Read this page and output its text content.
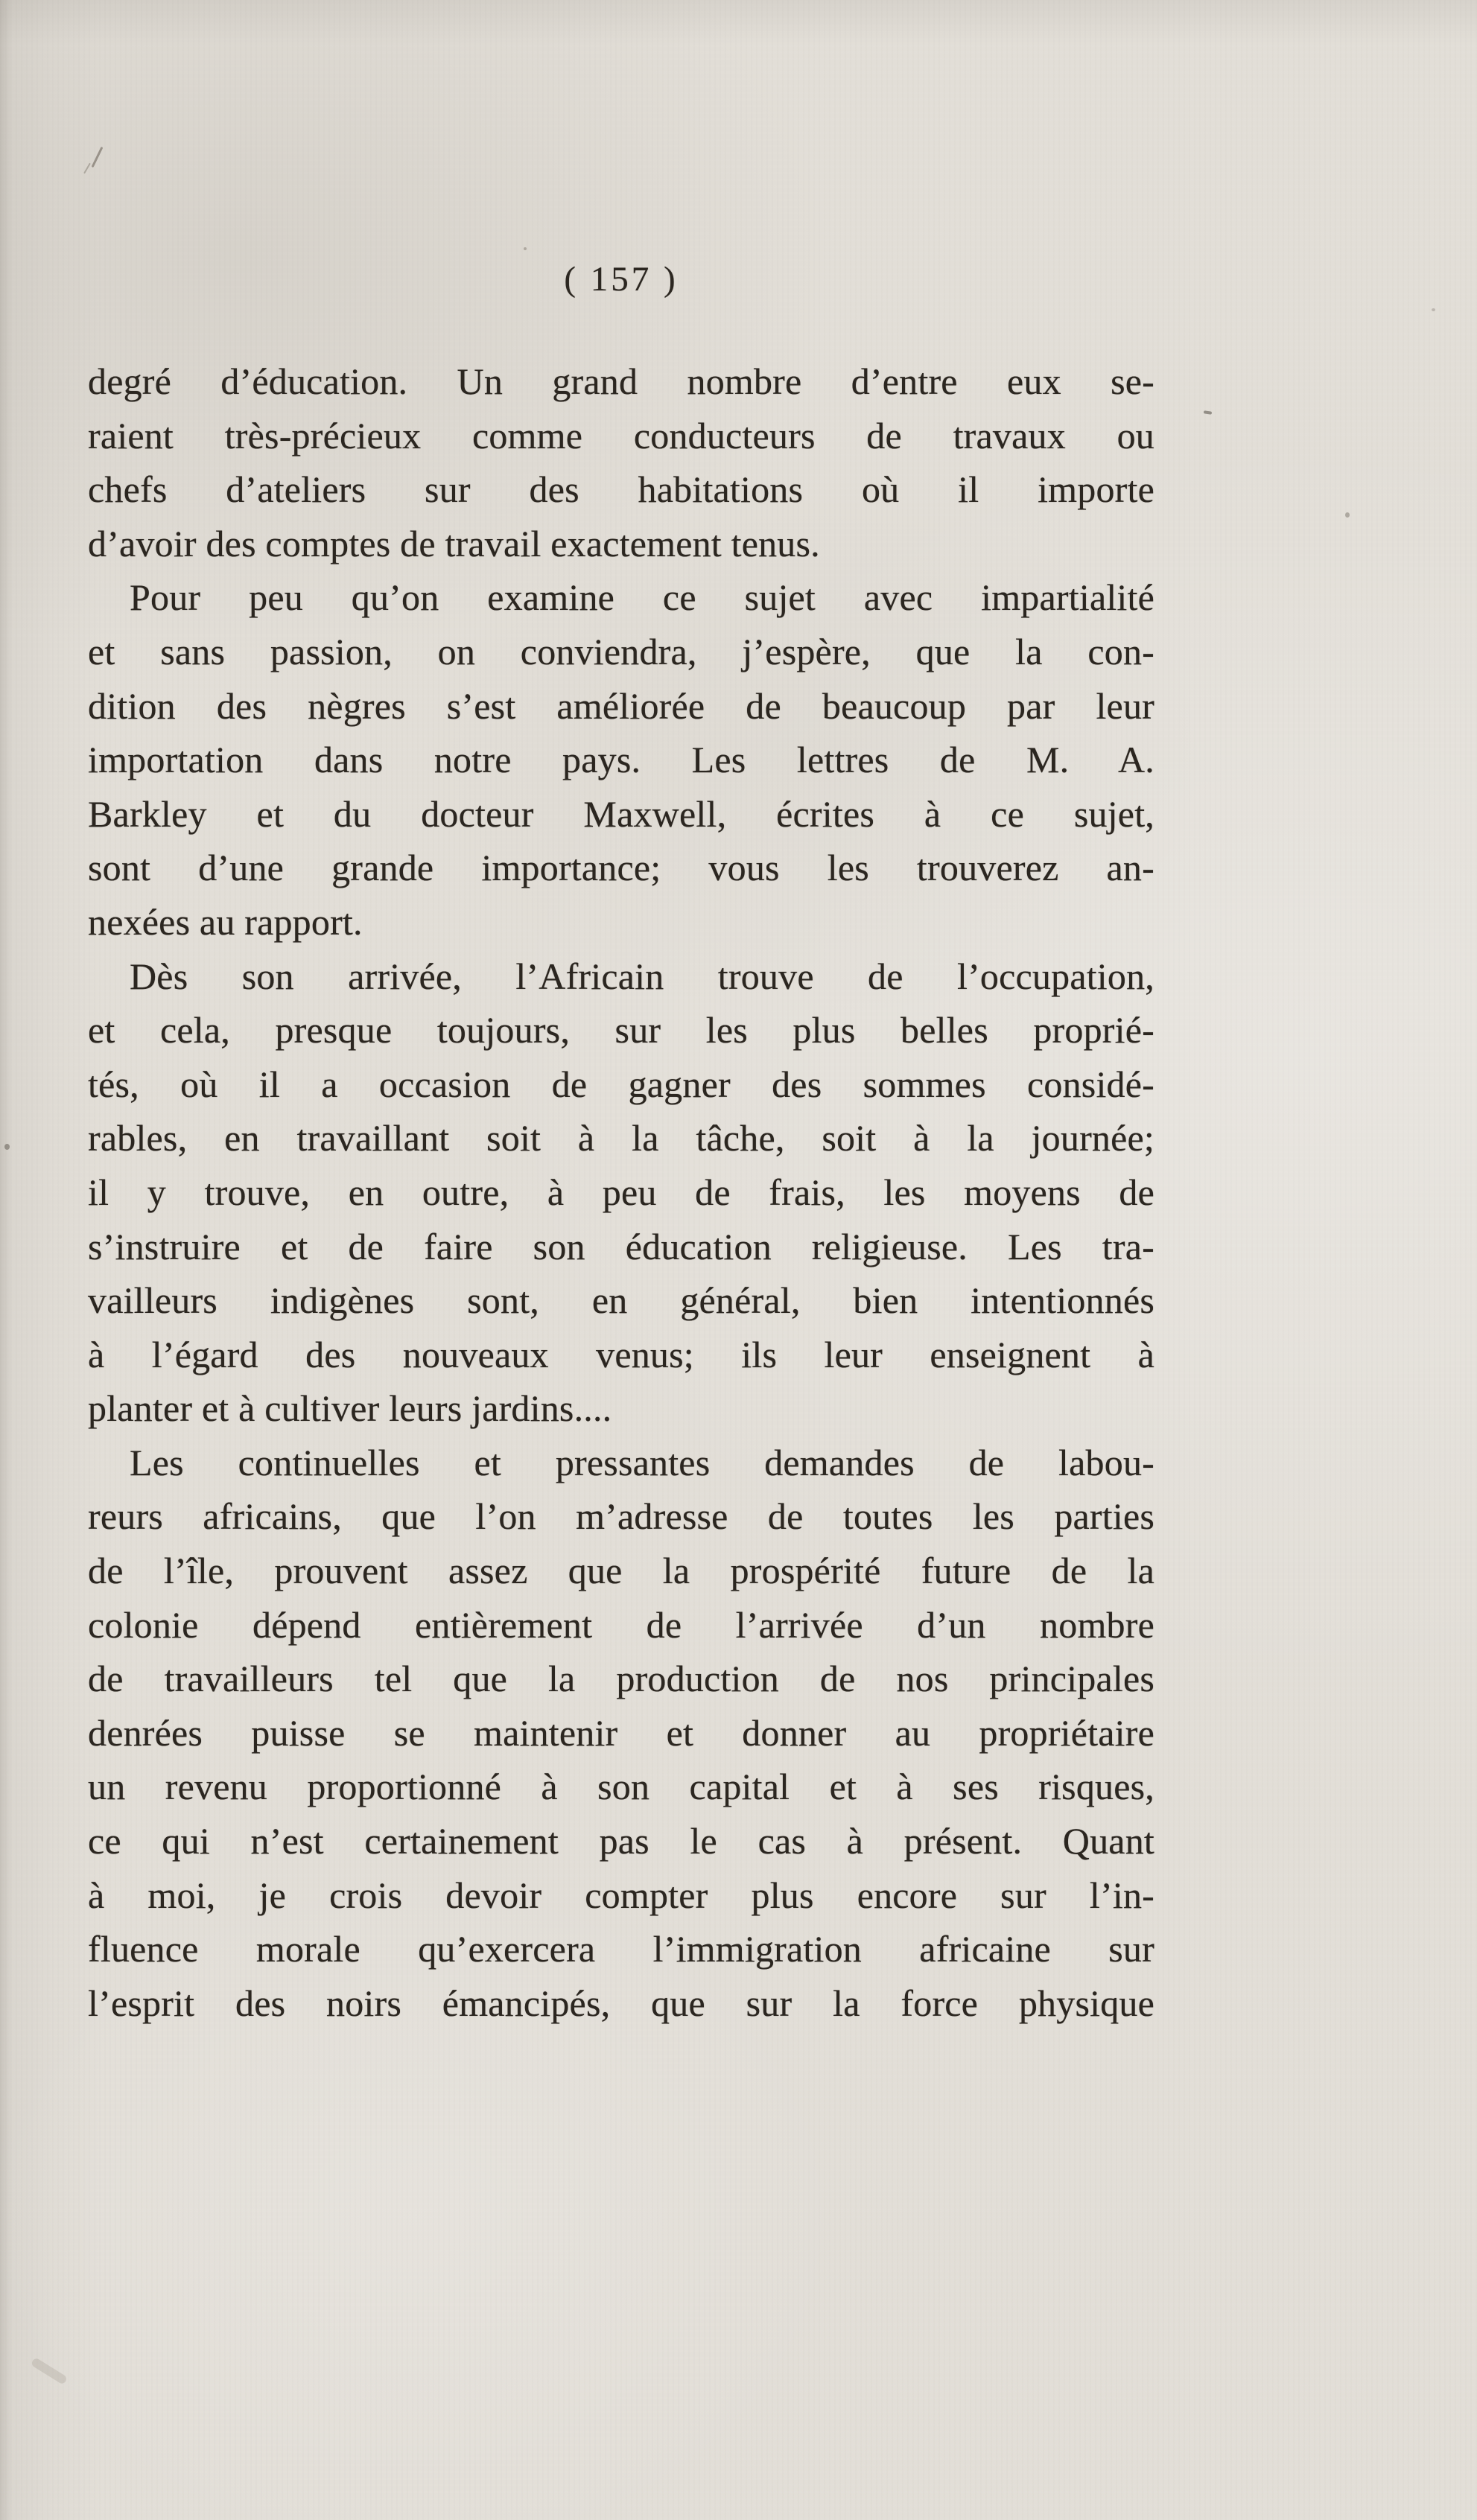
( 157 )
degré d’éducation. Un grand nombre d’entre eux se-
raient très-précieux comme conducteurs de travaux ou
chefs d’ateliers sur des habitations où il importe
d’avoir des comptes de travail exactement tenus.
Pour peu qu’on examine ce sujet avec impartialité
et sans passion, on conviendra, j’espère, que la con-
dition des nègres s’est améliorée de beaucoup par leur
importation dans notre pays. Les lettres de M. A.
Barkley et du docteur Maxwell, écrites à ce sujet,
sont d’une grande importance; vous les trouverez an-
nexées au rapport.
Dès son arrivée, l’Africain trouve de l’occupation,
et cela, presque toujours, sur les plus belles proprié-
tés, où il a occasion de gagner des sommes considé-
rables, en travaillant soit à la tâche, soit à la journée;
il y trouve, en outre, à peu de frais, les moyens de
s’instruire et de faire son éducation religieuse. Les tra-
vailleurs indigènes sont, en général, bien intentionnés
à l’égard des nouveaux venus; ils leur enseignent à
planter et à cultiver leurs jardins....
Les continuelles et pressantes demandes de labou-
reurs africains, que l’on m’adresse de toutes les parties
de l’île, prouvent assez que la prospérité future de la
colonie dépend entièrement de l’arrivée d’un nombre
de travailleurs tel que la production de nos principales
denrées puisse se maintenir et donner au propriétaire
un revenu proportionné à son capital et à ses risques,
ce qui n’est certainement pas le cas à présent. Quant
à moi, je crois devoir compter plus encore sur l’in-
fluence morale qu’exercera l’immigration africaine sur
l’esprit des noirs émancipés, que sur la force physique
